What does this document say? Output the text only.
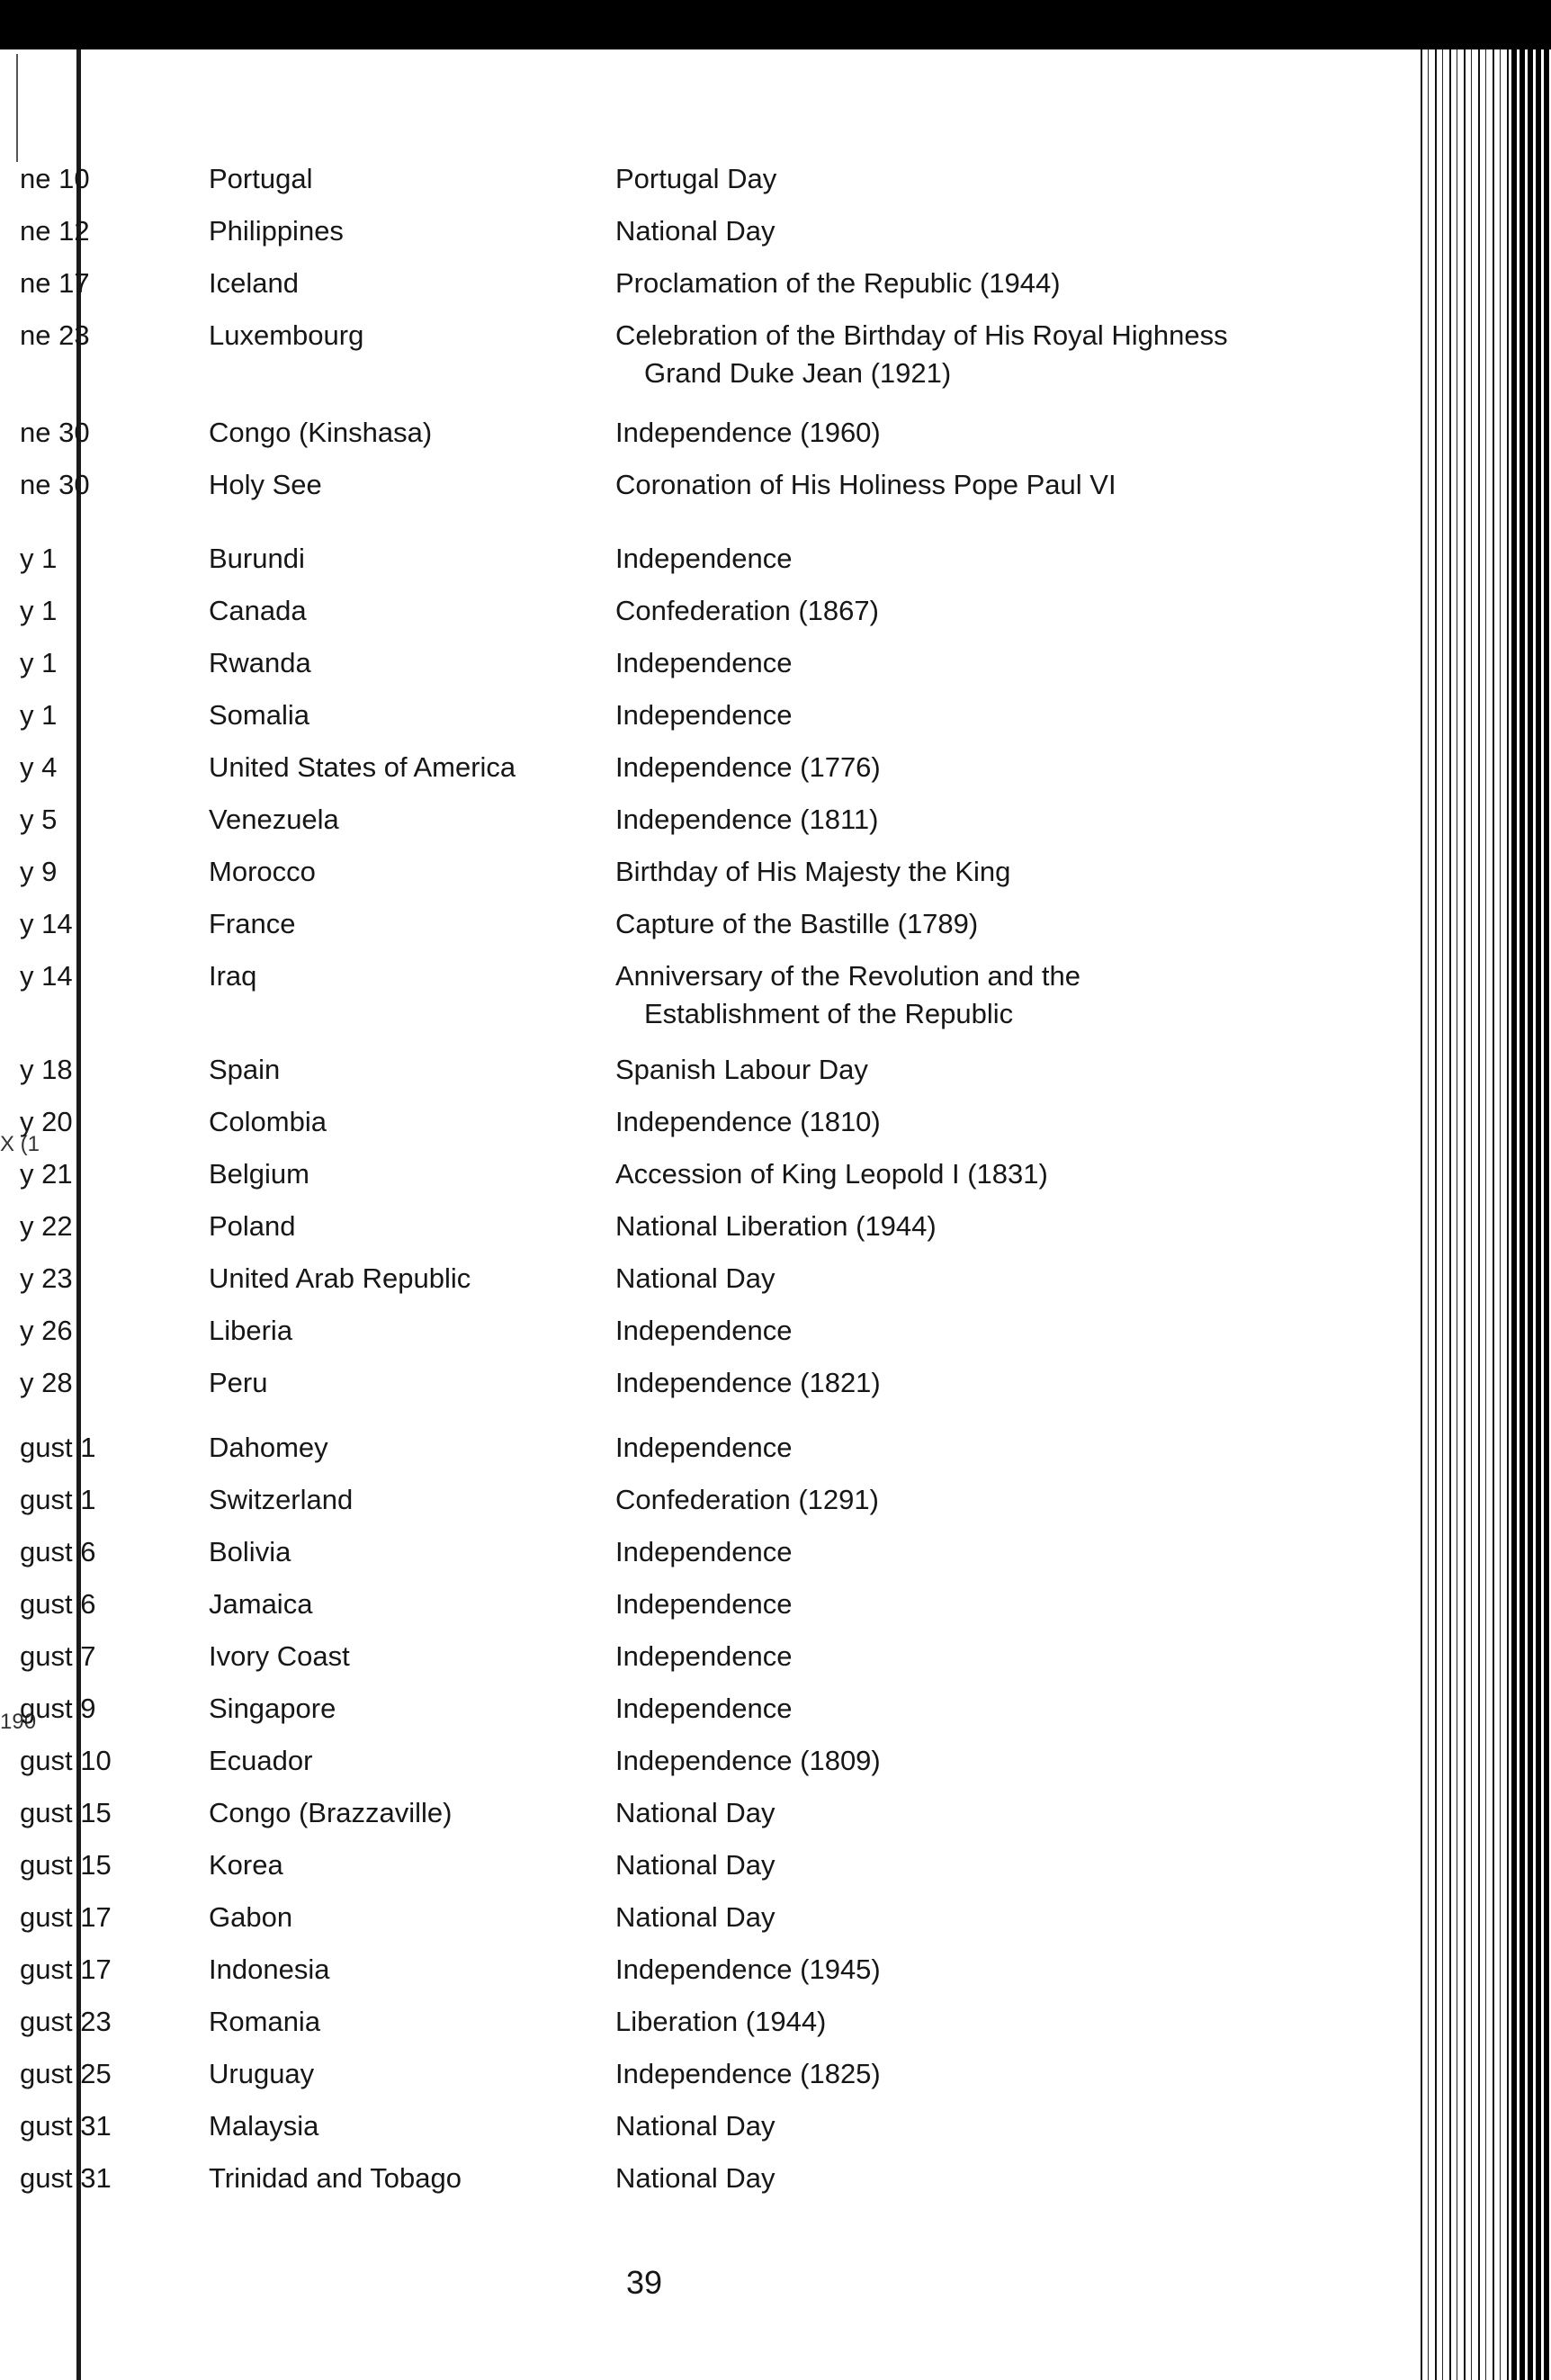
X (1
190
ne 10	Portugal	Portugal Day
ne 12	Philippines	National Day
ne 17	Iceland	Proclamation of the Republic (1944)
ne 23	Luxembourg	Celebration of the Birthday of His Royal Highness
Grand Duke Jean (1921)
ne 30	Congo (Kinshasa)	Independence (1960)
ne 30	Holy See	Coronation of His Holiness Pope Paul VI
y 1	Burundi	Independence
y 1	Canada	Confederation (1867)
y 1	Rwanda	Independence
y 1	Somalia	Independence
y 4	United States of America	Independence (1776)
y 5	Venezuela	Independence (1811)
y 9	Morocco	Birthday of His Majesty the King
y 14	France	Capture of the Bastille (1789)
y 14	Iraq	Anniversary of the Revolution and the
Establishment of the Republic
y 18	Spain	Spanish Labour Day
y 20	Colombia	Independence (1810)
y 21	Belgium	Accession of King Leopold I (1831)
y 22	Poland	National Liberation (1944)
y 23	United Arab Republic	National Day
y 26	Liberia	Independence
y 28	Peru	Independence (1821)
gust 1	Dahomey	Independence
gust 1	Switzerland	Confederation (1291)
gust 6	Bolivia	Independence
gust 6	Jamaica	Independence
gust 7	Ivory Coast	Independence
gust 9	Singapore	Independence
gust 10	Ecuador	Independence (1809)
gust 15	Congo (Brazzaville)	National Day
gust 15	Korea	National Day
gust 17	Gabon	National Day
gust 17	Indonesia	Independence (1945)
gust 23	Romania	Liberation (1944)
gust 25	Uruguay	Independence (1825)
gust 31	Malaysia	National Day
gust 31	Trinidad and Tobago	National Day
39
